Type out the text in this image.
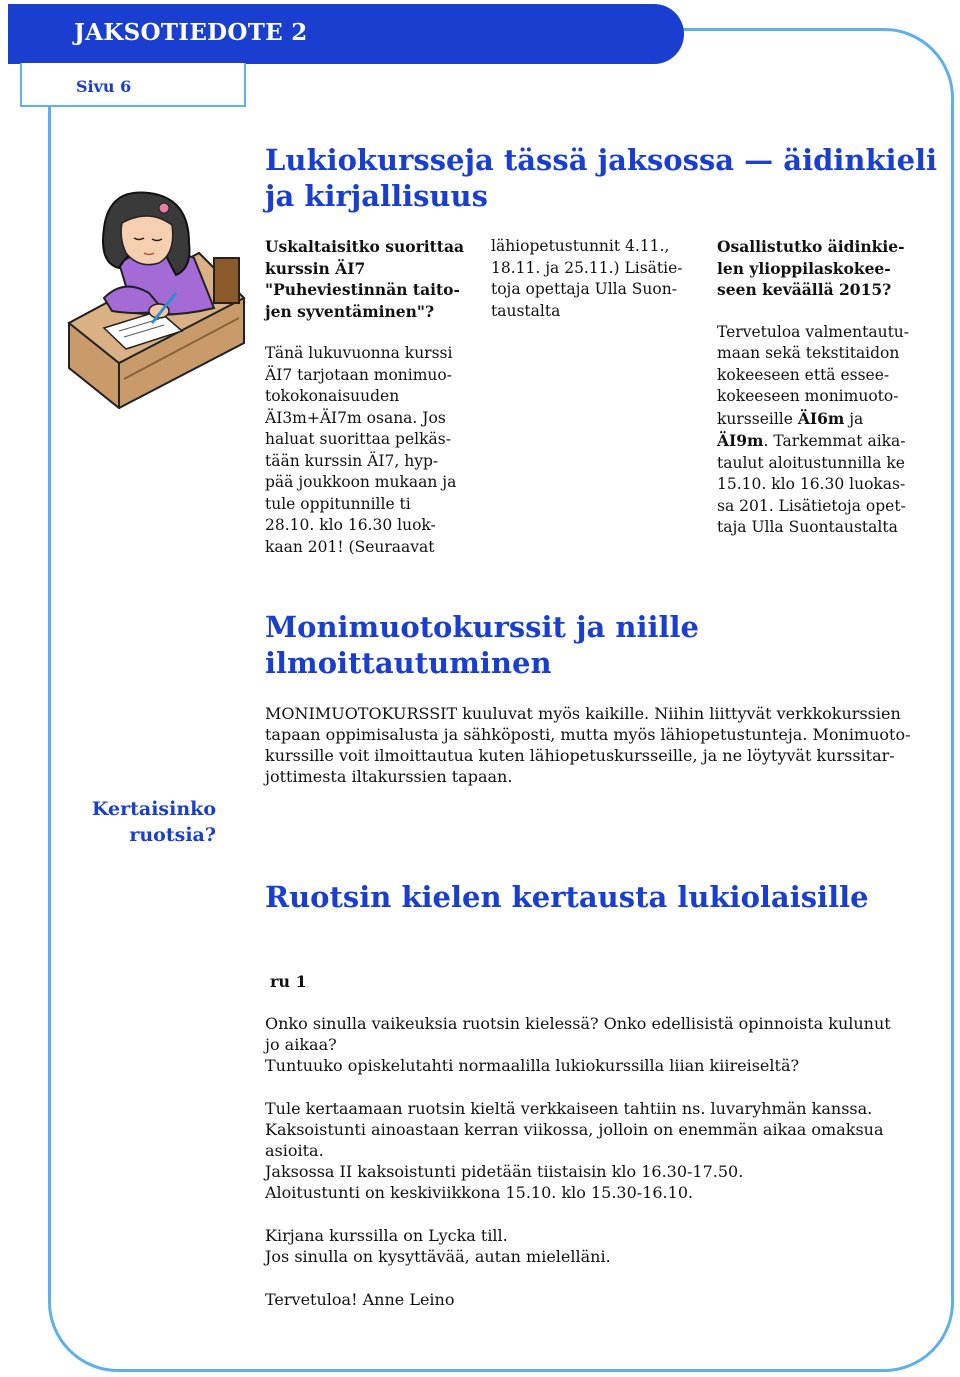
JAKSOTIEDOTE 2
Sivu 6
Lukiokursseja tässä jaksossa — äidinkieli
ja kirjallisuus

Uskaltaisitko suorittaa
kurssin ÄI7
"Puheviestinnän taito-
jen syventäminen"?

Tänä lukuvuonna kurssi
ÄI7 tarjotaan monimuo-
tokokonaisuuden
ÄI3m+ÄI7m osana. Jos
haluat suorittaa pelkäs-
tään kurssin ÄI7, hyp-
pää joukkoon mukaan ja
tule oppitunnille ti
28.10. klo 16.30 luok-
kaan 201! (Seuraavat

lähiopetustunnit 4.11.,
18.11. ja 25.11.) Lisätie-
toja opettaja Ulla Suon-
taustalta

Osallistutko äidinkie-
len ylioppilaskokee-
seen keväällä 2015?

Tervetuloa valmentautu-
maan sekä tekstitaidon
kokeeseen että essee-
kokeeseen monimuoto-
kursseille ÄI6m ja
ÄI9m. Tarkemmat aika-
taulut aloitustunnilla ke
15.10. klo 16.30 luokas-
sa 201. Lisätietoja opet-
taja Ulla Suontaustalta

Monimuotokurssit ja niille
ilmoittautuminen

MONIMUOTOKURSSIT kuuluvat myös kaikille. Niihin liittyvät verkkokurssien
tapaan oppimisalusta ja sähköposti, mutta myös lähiopetustunteja. Monimuoto-
kurssille voit ilmoittautua kuten lähiopetuskursseille, ja ne löytyvät kurssitar-
jottimesta iltakurssien tapaan.

Kertaisinko
ruotsia?
Ruotsin kielen kertausta lukiolaisille
ru 1

Onko sinulla vaikeuksia ruotsin kielessä? Onko edellisistä opinnoista kulunut
jo aikaa?
Tuntuuko opiskelutahti normaalilla lukiokurssilla liian kiireiseltä?

Tule kertaamaan ruotsin kieltä verkkaiseen tahtiin ns. luvaryhmän kanssa.
Kaksoistunti ainoastaan kerran viikossa, jolloin on enemmän aikaa omaksua
asioita.
Jaksossa II kaksoistunti pidetään tiistaisin klo 16.30-17.50.
Aloitustunti on keskiviikkona 15.10. klo 15.30-16.10.

Kirjana kurssilla on Lycka till.
Jos sinulla on kysyttävää, autan mielelläni.

Tervetuloa! Anne Leino
